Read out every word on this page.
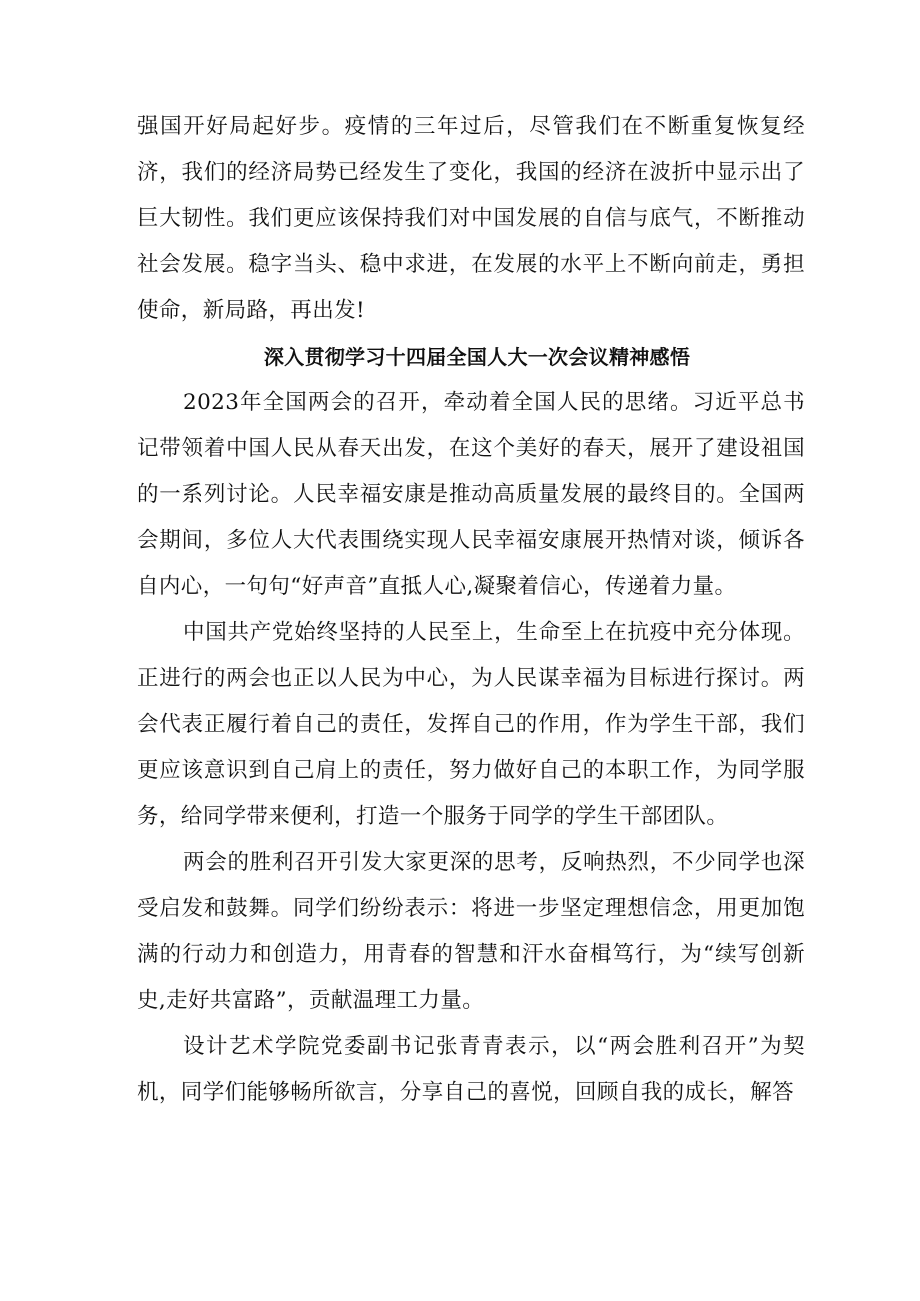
强国开好局起好步。疫情的三年过后，尽管我们在不断重复恢复经济，我们的经济局势已经发生了变化，我国的经济在波折中显示出了巨大韧性。我们更应该保持我们对中国发展的自信与底气，不断推动社会发展。稳字当头、稳中求进，在发展的水平上不断向前走，勇担使命，新局路，再出发!

深入贯彻学习十四届全国人大一次会议精神感悟

2023年全国两会的召开，牵动着全国人民的思绪。习近平总书记带领着中国人民从春天出发，在这个美好的春天，展开了建设祖国的一系列讨论。人民幸福安康是推动高质量发展的最终目的。全国两会期间，多位人大代表围绕实现人民幸福安康展开热情对谈，倾诉各自内心，一句句“好声音”直抵人心,凝聚着信心，传递着力量。

中国共产党始终坚持的人民至上，生命至上在抗疫中充分体现。正进行的两会也正以人民为中心，为人民谋幸福为目标进行探讨。两会代表正履行着自己的责任，发挥自己的作用，作为学生干部，我们更应该意识到自己肩上的责任，努力做好自己的本职工作，为同学服务，给同学带来便利，打造一个服务于同学的学生干部团队。

两会的胜利召开引发大家更深的思考，反响热烈，不少同学也深受启发和鼓舞。同学们纷纷表示：将进一步坚定理想信念，用更加饱满的行动力和创造力，用青春的智慧和汗水奋楫笃行，为“续写创新史,走好共富路”，贡献温理工力量。

设计艺术学院党委副书记张青青表示，以“两会胜利召开”为契机，同学们能够畅所欲言，分享自己的喜悦，回顾自我的成长，解答
